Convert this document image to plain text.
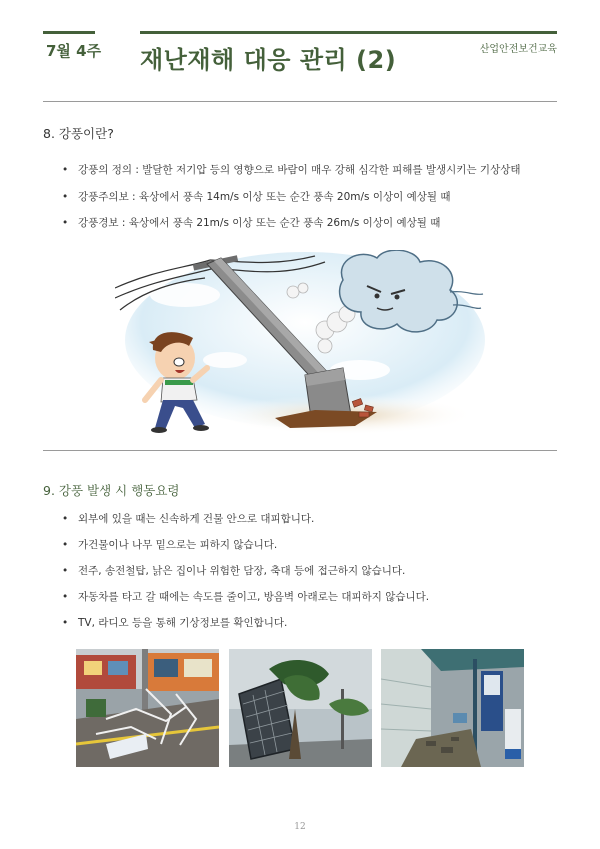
7월 4주 재난재해 대응 관리 (2)	산업안전보건교육
8. 강풍이란?
• 강풍의 정의 : 발달한 저기압 등의 영향으로 바람이 매우 강해 심각한 피해를 발생시키는 기상상태
• 강풍주의보 : 육상에서 풍속 14m/s 이상 또는 순간 풍속 20m/s 이상이 예상될 때
• 강풍경보 : 육상에서 풍속 21m/s 이상 또는 순간 풍속 26m/s 이상이 예상될 때
9. 강풍 발생 시 행동요령
• 외부에 있을 때는 신속하게 건물 안으로 대피합니다.
• 가건물이나 나무 밑으로는 피하지 않습니다.
• 전주, 송전철탑, 낡은 집이나 위험한 담장, 축대 등에 접근하지 않습니다.
• 자동차를 타고 갈 때에는 속도를 줄이고, 방음벽 아래로는 대피하지 않습니다.
• TV, 라디오 등을 통해 기상정보를 확인합니다.
12
